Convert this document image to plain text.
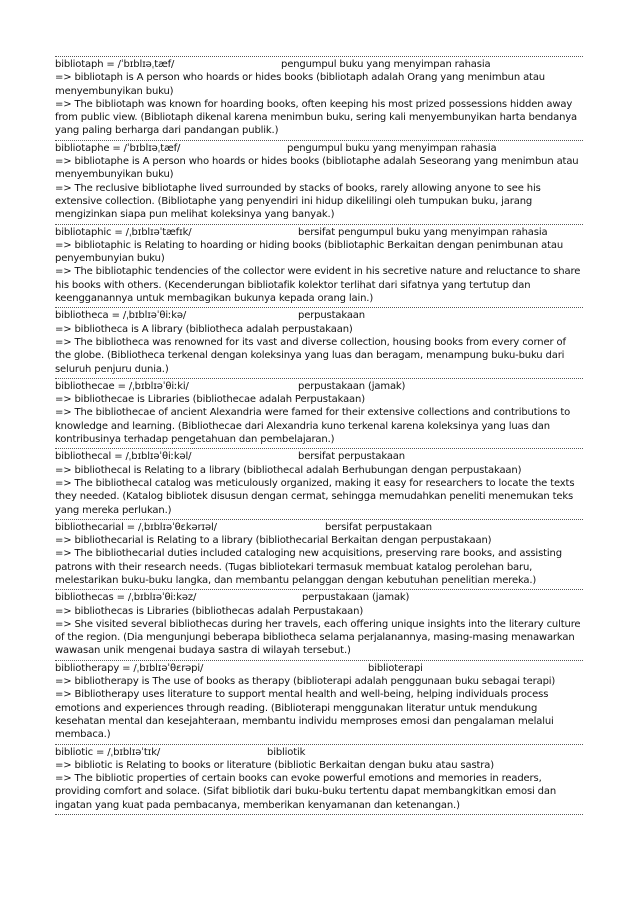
bibliotaph = /ˈbɪblɪəˌtæf/	pengumpul buku yang menyimpan rahasia
=> bibliotaph is A person who hoards or hides books (bibliotaph adalah Orang yang menimbun atau menyembunyikan buku)
=> The bibliotaph was known for hoarding books, often keeping his most prized possessions hidden away from public view. (Bibliotaph dikenal karena menimbun buku, sering kali menyembunyikan harta bendanya yang paling berharga dari pandangan publik.)
bibliotaphe = /ˈbɪblɪəˌtæf/	pengumpul buku yang menyimpan rahasia
=> bibliotaphe is A person who hoards or hides books (bibliotaphe adalah Seseorang yang menimbun atau menyembunyikan buku)
=> The reclusive bibliotaphe lived surrounded by stacks of books, rarely allowing anyone to see his extensive collection. (Bibliotaphe yang penyendiri ini hidup dikelilingi oleh tumpukan buku, jarang mengizinkan siapa pun melihat koleksinya yang banyak.)
bibliotaphic = /ˌbɪblɪəˈtæfɪk/	bersifat pengumpul buku yang menyimpan rahasia
=> bibliotaphic is Relating to hoarding or hiding books (bibliotaphic Berkaitan dengan penimbunan atau penyembunyian buku)
=> The bibliotaphic tendencies of the collector were evident in his secretive nature and reluctance to share his books with others. (Kecenderungan bibliotafik kolektor terlihat dari sifatnya yang tertutup dan keengganannya untuk membagikan bukunya kepada orang lain.)
bibliotheca = /ˌbɪblɪəˈθiːkə/	perpustakaan
=> bibliotheca is A library (bibliotheca adalah perpustakaan)
=> The bibliotheca was renowned for its vast and diverse collection, housing books from every corner of the globe. (Bibliotheca terkenal dengan koleksinya yang luas dan beragam, menampung buku-buku dari seluruh penjuru dunia.)
bibliothecae = /ˌbɪblɪəˈθiːki/	perpustakaan (jamak)
=> bibliothecae is Libraries (bibliothecae adalah Perpustakaan)
=> The bibliothecae of ancient Alexandria were famed for their extensive collections and contributions to knowledge and learning. (Bibliothecae dari Alexandria kuno terkenal karena koleksinya yang luas dan kontribusinya terhadap pengetahuan dan pembelajaran.)
bibliothecal = /ˌbɪblɪəˈθiːkəl/	bersifat perpustakaan
=> bibliothecal is Relating to a library (bibliothecal adalah Berhubungan dengan perpustakaan)
=> The bibliothecal catalog was meticulously organized, making it easy for researchers to locate the texts they needed. (Katalog bibliotek disusun dengan cermat, sehingga memudahkan peneliti menemukan teks yang mereka perlukan.)
bibliothecarial = /ˌbɪblɪəˈθɛkərɪəl/	bersifat perpustakaan
=> bibliothecarial is Relating to a library (bibliothecarial Berkaitan dengan perpustakaan)
=> The bibliothecarial duties included cataloging new acquisitions, preserving rare books, and assisting patrons with their research needs. (Tugas bibliotekari termasuk membuat katalog perolehan baru, melestarikan buku-buku langka, dan membantu pelanggan dengan kebutuhan penelitian mereka.)
bibliothecas = /ˌbɪblɪəˈθiːkəz/	perpustakaan (jamak)
=> bibliothecas is Libraries (bibliothecas adalah Perpustakaan)
=> She visited several bibliothecas during her travels, each offering unique insights into the literary culture of the region. (Dia mengunjungi beberapa bibliotheca selama perjalanannya, masing-masing menawarkan wawasan unik mengenai budaya sastra di wilayah tersebut.)
bibliotherapy = /ˌbɪblɪəˈθɛrəpi/	biblioterapi
=> bibliotherapy is The use of books as therapy (biblioterapi adalah penggunaan buku sebagai terapi)
=> Bibliotherapy uses literature to support mental health and well-being, helping individuals process emotions and experiences through reading. (Biblioterapi menggunakan literatur untuk mendukung kesehatan mental dan kesejahteraan, membantu individu memproses emosi dan pengalaman melalui membaca.)
bibliotic = /ˌbɪblɪəˈtɪk/	bibliotik
=> bibliotic is Relating to books or literature (bibliotic Berkaitan dengan buku atau sastra)
=> The bibliotic properties of certain books can evoke powerful emotions and memories in readers, providing comfort and solace. (Sifat bibliotik dari buku-buku tertentu dapat membangkitkan emosi dan ingatan yang kuat pada pembacanya, memberikan kenyamanan dan ketenangan.)
